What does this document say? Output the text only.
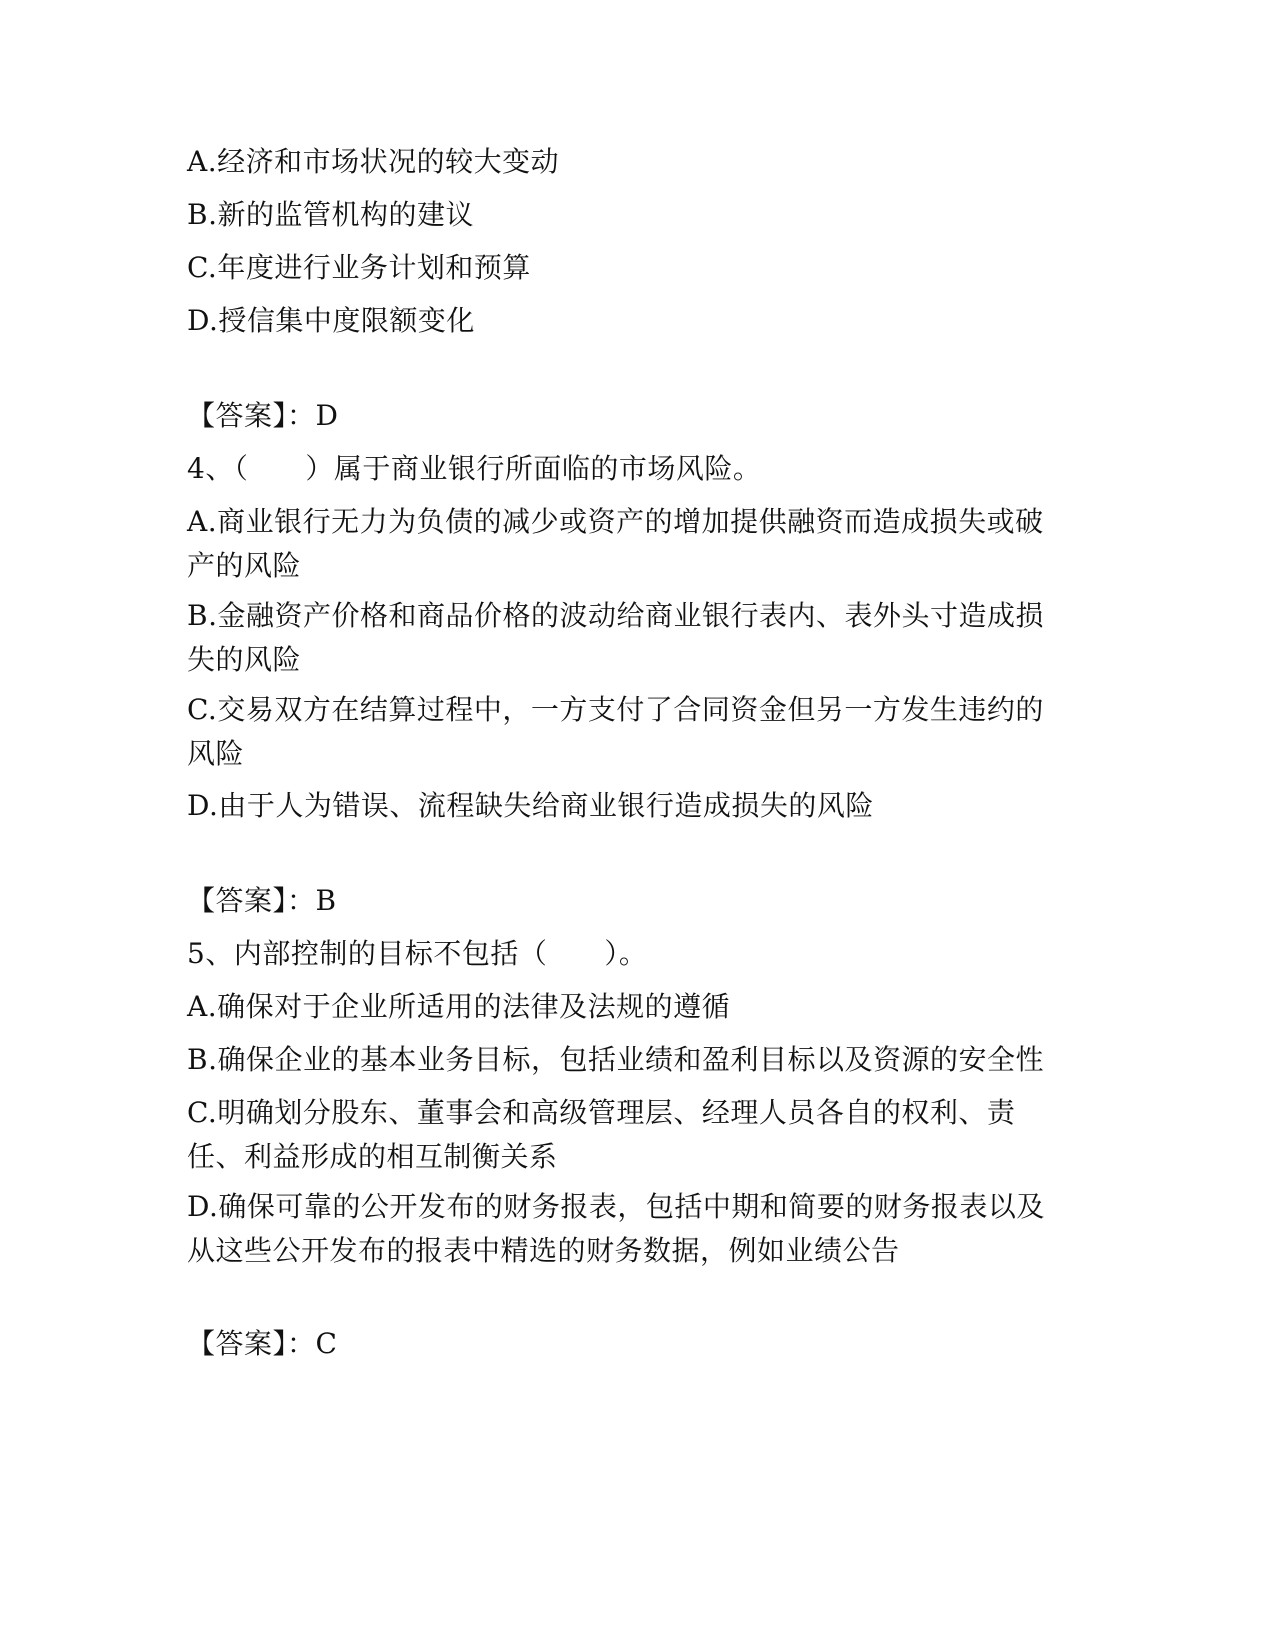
A.经济和市场状况的较大变动
B.新的监管机构的建议
C.年度进行业务计划和预算
D.授信集中度限额变化
【答案】：D
4、（　　）属于商业银行所面临的市场风险。
A.商业银行无力为负债的减少或资产的增加提供融资而造成损失或破产的风险
B.金融资产价格和商品价格的波动给商业银行表内、表外头寸造成损失的风险
C.交易双方在结算过程中，一方支付了合同资金但另一方发生违约的风险
D.由于人为错误、流程缺失给商业银行造成损失的风险
【答案】：B
5、内部控制的目标不包括（　　）。
A.确保对于企业所适用的法律及法规的遵循
B.确保企业的基本业务目标，包括业绩和盈利目标以及资源的安全性
C.明确划分股东、董事会和高级管理层、经理人员各自的权利、责任、利益形成的相互制衡关系
D.确保可靠的公开发布的财务报表，包括中期和简要的财务报表以及从这些公开发布的报表中精选的财务数据，例如业绩公告
【答案】：C
